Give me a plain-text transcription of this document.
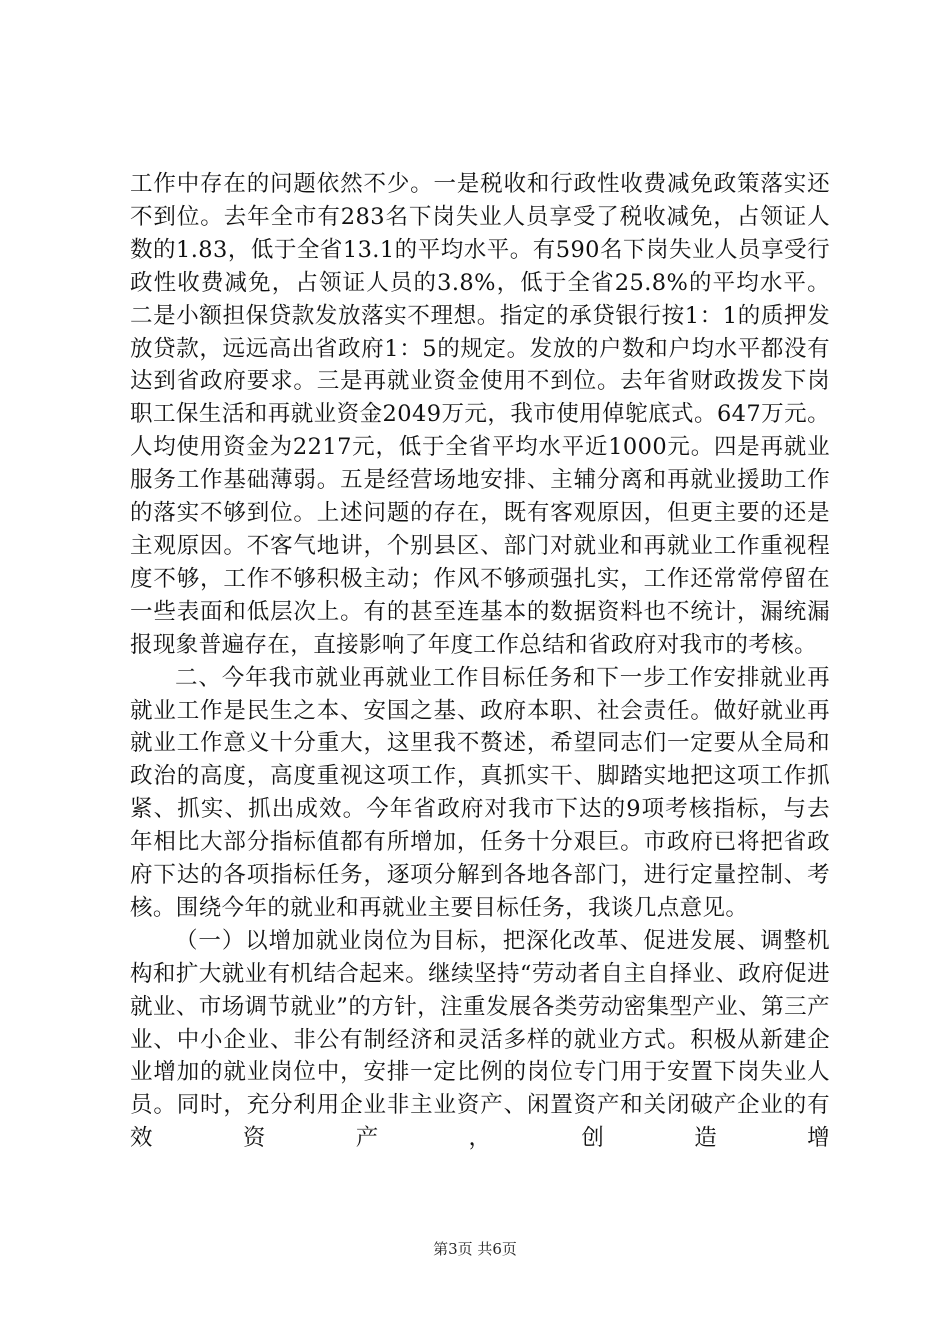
工作中存在的问题依然不少。一是税收和行政性收费减免政策落实还不到位。去年全市有283名下岗失业人员享受了税收减免，占领证人数的1.83，低于全省13.1的平均水平。有590名下岗失业人员享受行政性收费减免，占领证人员的3.8%，低于全省25.8%的平均水平。二是小额担保贷款发放落实不理想。指定的承贷银行按1：1的质押发放贷款，远远高出省政府1：5的规定。发放的户数和户均水平都没有达到省政府要求。三是再就业资金使用不到位。去年省财政拨发下岗职工保生活和再就业资金2049万元，我市使用倬鸵底式。647万元。人均使用资金为2217元，低于全省平均水平近1000元。四是再就业服务工作基础薄弱。五是经营场地安排、主辅分离和再就业援助工作的落实不够到位。上述问题的存在，既有客观原因，但更主要的还是主观原因。不客气地讲，个别县区、部门对就业和再就业工作重视程度不够，工作不够积极主动；作风不够顽强扎实，工作还常常停留在一些表面和低层次上。有的甚至连基本的数据资料也不统计，漏统漏报现象普遍存在，直接影响了年度工作总结和省政府对我市的考核。

二、今年我市就业再就业工作目标任务和下一步工作安排就业再就业工作是民生之本、安国之基、政府本职、社会责任。做好就业再就业工作意义十分重大，这里我不赘述，希望同志们一定要从全局和政治的高度，高度重视这项工作，真抓实干、脚踏实地把这项工作抓紧、抓实、抓出成效。今年省政府对我市下达的9项考核指标，与去年相比大部分指标值都有所增加，任务十分艰巨。市政府已将把省政府下达的各项指标任务，逐项分解到各地各部门，进行定量控制、考核。围绕今年的就业和再就业主要目标任务，我谈几点意见。

（一）以增加就业岗位为目标，把深化改革、促进发展、调整机构和扩大就业有机结合起来。继续坚持“劳动者自主自择业、政府促进就业、市场调节就业”的方针，注重发展各类劳动密集型产业、第三产业、中小企业、非公有制经济和灵活多样的就业方式。积极从新建企业增加的就业岗位中，安排一定比例的岗位专门用于安置下岗失业人员。同时，充分利用企业非主业资产、闲置资产和关闭破产企业的有效资产，创造增

第3页 共6页
